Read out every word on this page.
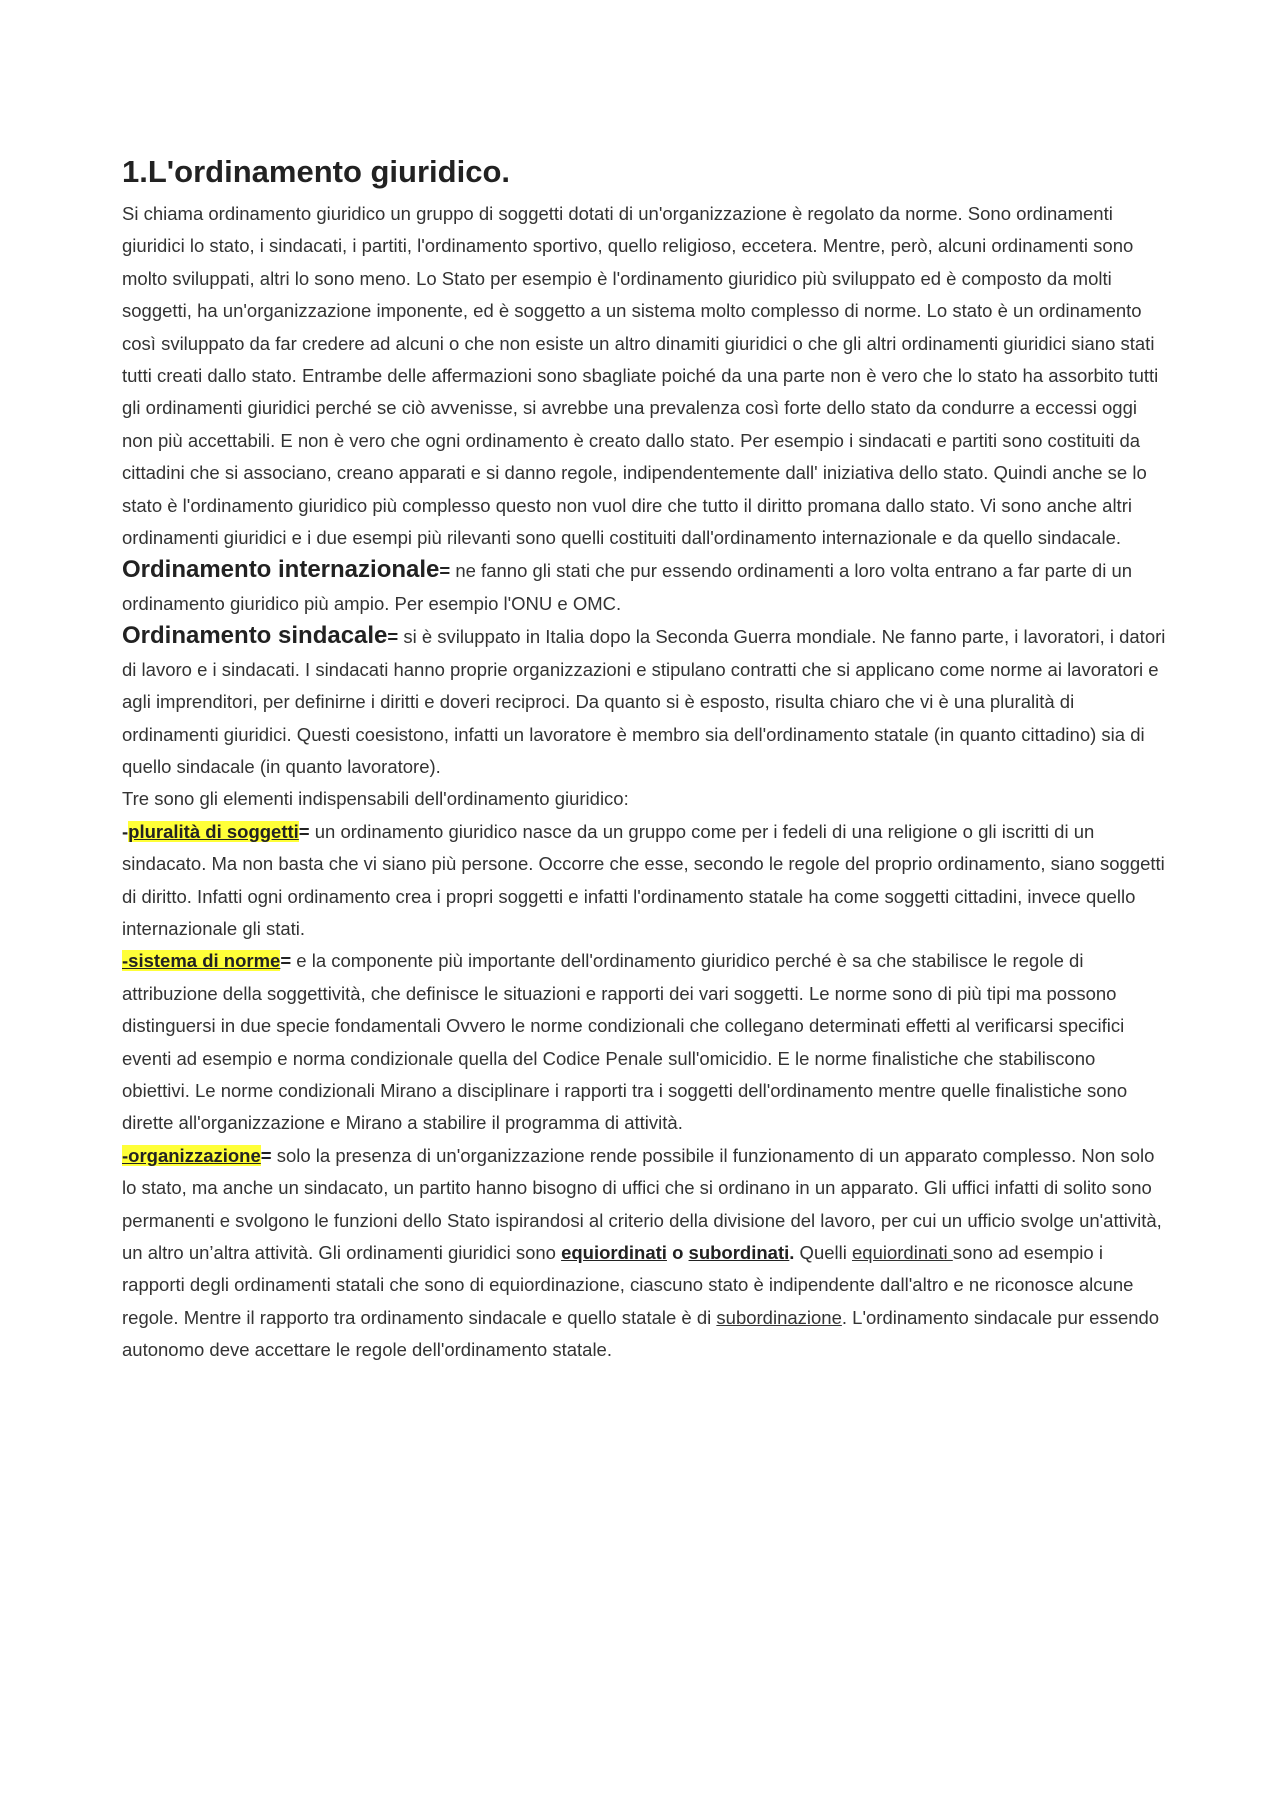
1.L'ordinamento giuridico.

Si chiama ordinamento giuridico un gruppo di soggetti dotati di un'organizzazione è regolato da norme. Sono ordinamenti giuridici lo stato, i sindacati, i partiti, l'ordinamento sportivo, quello religioso, eccetera. Mentre, però, alcuni ordinamenti sono molto sviluppati, altri lo sono meno. Lo Stato per esempio è l'ordinamento giuridico più sviluppato ed è composto da molti soggetti, ha un'organizzazione imponente, ed è soggetto a un sistema molto complesso di norme. Lo stato è un ordinamento così sviluppato da far credere ad alcuni o che non esiste un altro dinamiti giuridici o che gli altri ordinamenti giuridici siano stati tutti creati dallo stato. Entrambe delle affermazioni sono sbagliate poiché da una parte non è vero che lo stato ha assorbito tutti gli ordinamenti giuridici perché se ciò avvenisse, si avrebbe una prevalenza così forte dello stato da condurre a eccessi oggi non più accettabili. E non è vero che ogni ordinamento è creato dallo stato. Per esempio i sindacati e partiti sono costituiti da cittadini che si associano, creano apparati e si danno regole, indipendentemente dall' iniziativa dello stato. Quindi anche se lo stato è l'ordinamento giuridico più complesso questo non vuol dire che tutto il diritto promana dallo stato. Vi sono anche altri ordinamenti giuridici e i due esempi più rilevanti sono quelli costituiti dall'ordinamento internazionale e da quello sindacale.

Ordinamento internazionale= ne fanno gli stati che pur essendo ordinamenti a loro volta entrano a far parte di un ordinamento giuridico più ampio. Per esempio l'ONU e OMC.

Ordinamento sindacale= si è sviluppato in Italia dopo la Seconda Guerra mondiale. Ne fanno parte, i lavoratori, i datori di lavoro e i sindacati. I sindacati hanno proprie organizzazioni e stipulano contratti che si applicano come norme ai lavoratori e agli imprenditori, per definirne i diritti e doveri reciproci. Da quanto si è esposto, risulta chiaro che vi è una pluralità di ordinamenti giuridici. Questi coesistono, infatti un lavoratore è membro sia dell'ordinamento statale (in quanto cittadino) sia di quello sindacale (in quanto lavoratore).

Tre sono gli elementi indispensabili dell'ordinamento giuridico:

-pluralità di soggetti= un ordinamento giuridico nasce da un gruppo come per i fedeli di una religione o gli iscritti di un sindacato. Ma non basta che vi siano più persone. Occorre che esse, secondo le regole del proprio ordinamento, siano soggetti di diritto. Infatti ogni ordinamento crea i propri soggetti e infatti l'ordinamento statale ha come soggetti cittadini, invece quello internazionale gli stati.

-sistema di norme= e la componente più importante dell'ordinamento giuridico perché è sa che stabilisce le regole di attribuzione della soggettività, che definisce le situazioni e rapporti dei vari soggetti. Le norme sono di più tipi ma possono distinguersi in due specie fondamentali Ovvero le norme condizionali che collegano determinati effetti al verificarsi specifici eventi ad esempio e norma condizionale quella del Codice Penale sull'omicidio. E le norme finalistiche che stabiliscono obiettivi. Le norme condizionali Mirano a disciplinare i rapporti tra i soggetti dell'ordinamento mentre quelle finalistiche sono dirette all'organizzazione e Mirano a stabilire il programma di attività.

-organizzazione= solo la presenza di un'organizzazione rende possibile il funzionamento di un apparato complesso. Non solo lo stato, ma anche un sindacato, un partito hanno bisogno di uffici che si ordinano in un apparato. Gli uffici infatti di solito sono permanenti e svolgono le funzioni dello Stato ispirandosi al criterio della divisione del lavoro, per cui un ufficio svolge un'attività, un altro un’altra attività. Gli ordinamenti giuridici sono equiordinati o subordinati. Quelli equiordinati sono ad esempio i rapporti degli ordinamenti statali che sono di equiordinazione, ciascuno stato è indipendente dall'altro e ne riconosce alcune regole. Mentre il rapporto tra ordinamento sindacale e quello statale è di subordinazione. L'ordinamento sindacale pur essendo autonomo deve accettare le regole dell'ordinamento statale.
